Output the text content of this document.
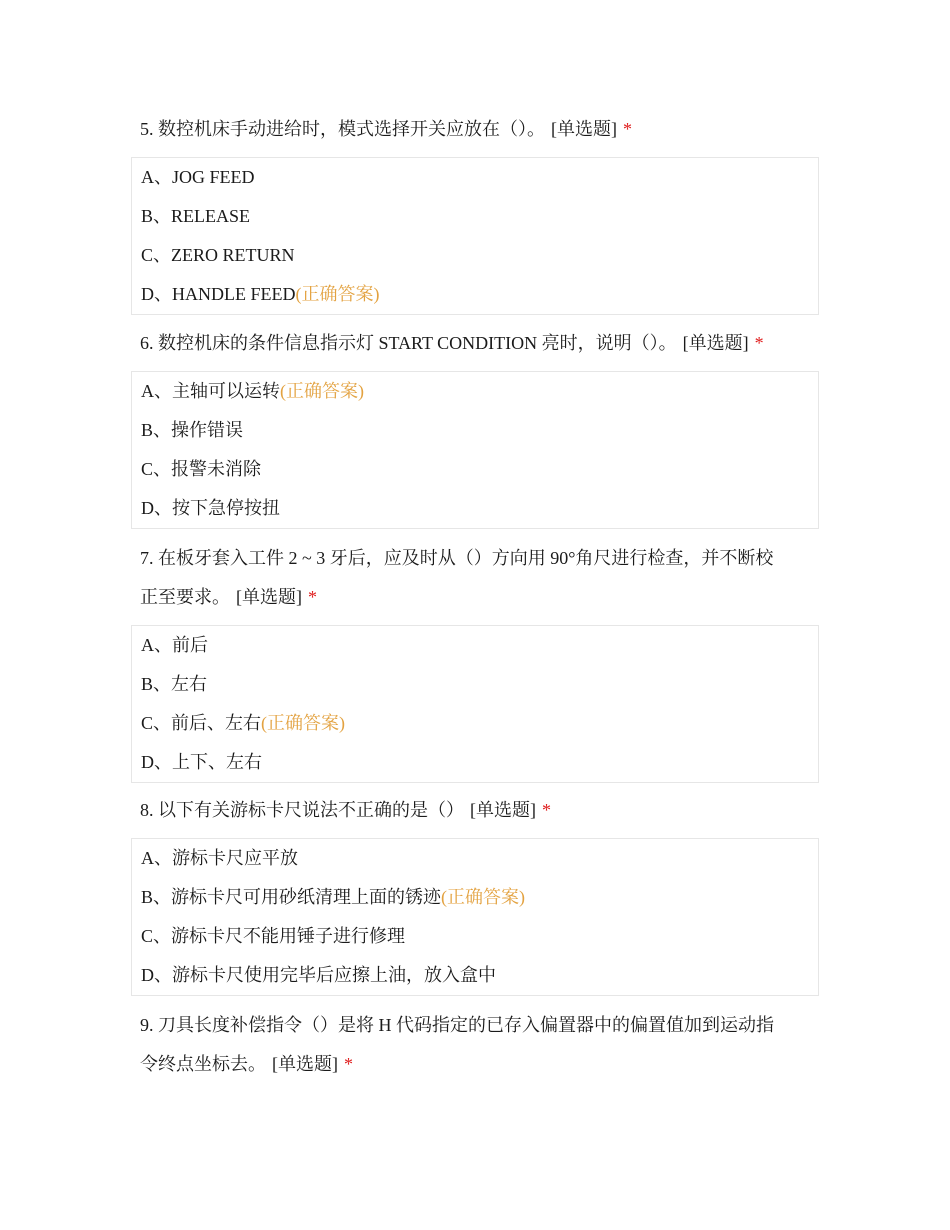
5. 数控机床手动进给时，模式选择开关应放在（）。 [单选题] *

A、JOG FEED
B、RELEASE
C、ZERO RETURN
D、HANDLE FEED(正确答案)

6. 数控机床的条件信息指示灯 START CONDITION 亮时，说明（）。 [单选题] *

A、主轴可以运转(正确答案)
B、操作错误
C、报警未消除
D、按下急停按扭

7. 在板牙套入工件 2 ~ 3 牙后，应及时从（）方向用 90°角尺进行检查，并不断校
正至要求。 [单选题] *

A、前后
B、左右
C、前后、左右(正确答案)
D、上下、左右

8. 以下有关游标卡尺说法不正确的是（） [单选题] *

A、游标卡尺应平放
B、游标卡尺可用砂纸清理上面的锈迹(正确答案)
C、游标卡尺不能用锤子进行修理
D、游标卡尺使用完毕后应擦上油，放入盒中

9. 刀具长度补偿指令（）是将 H 代码指定的已存入偏置器中的偏置值加到运动指
令终点坐标去。 [单选题] *
